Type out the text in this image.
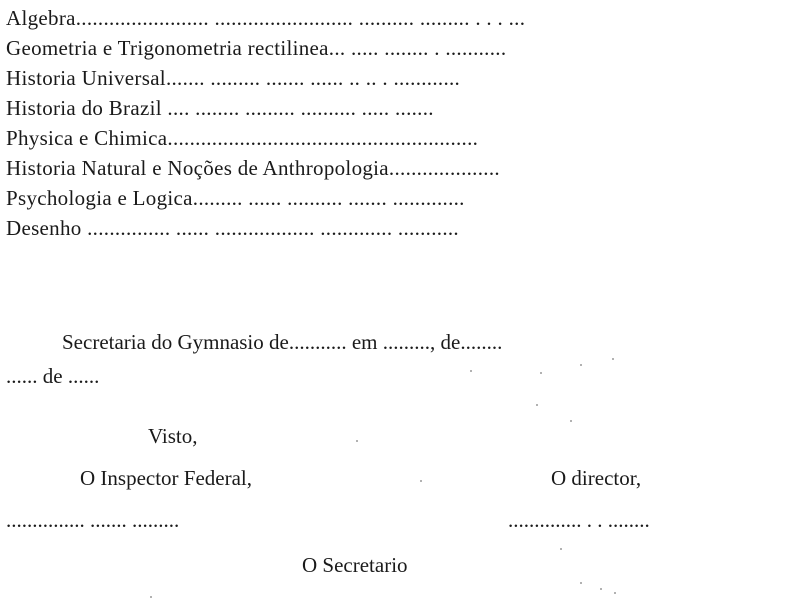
Algebra........................ ......................... .......... ......... . . . ...
Geometria e Trigonometria rectilinea... ..... ........ . ...........
Historia Universal....... ......... ....... ...... .. .. . ............
Historia do Brazil .... ........ ......... .......... ..... .......
Physica e Chimica........................................................
Historia Natural e Noções de Anthropologia....................
Psychologia e Logica......... ...... .......... ....... .............
Desenho ............... ...... .................. ............. ...........
Secretaria do Gymnasio de........... em ........., de........
...... de ......
Visto,
O Inspector Federal,	O director,
............... ....... .........	.............. . . ........
O Secretario
